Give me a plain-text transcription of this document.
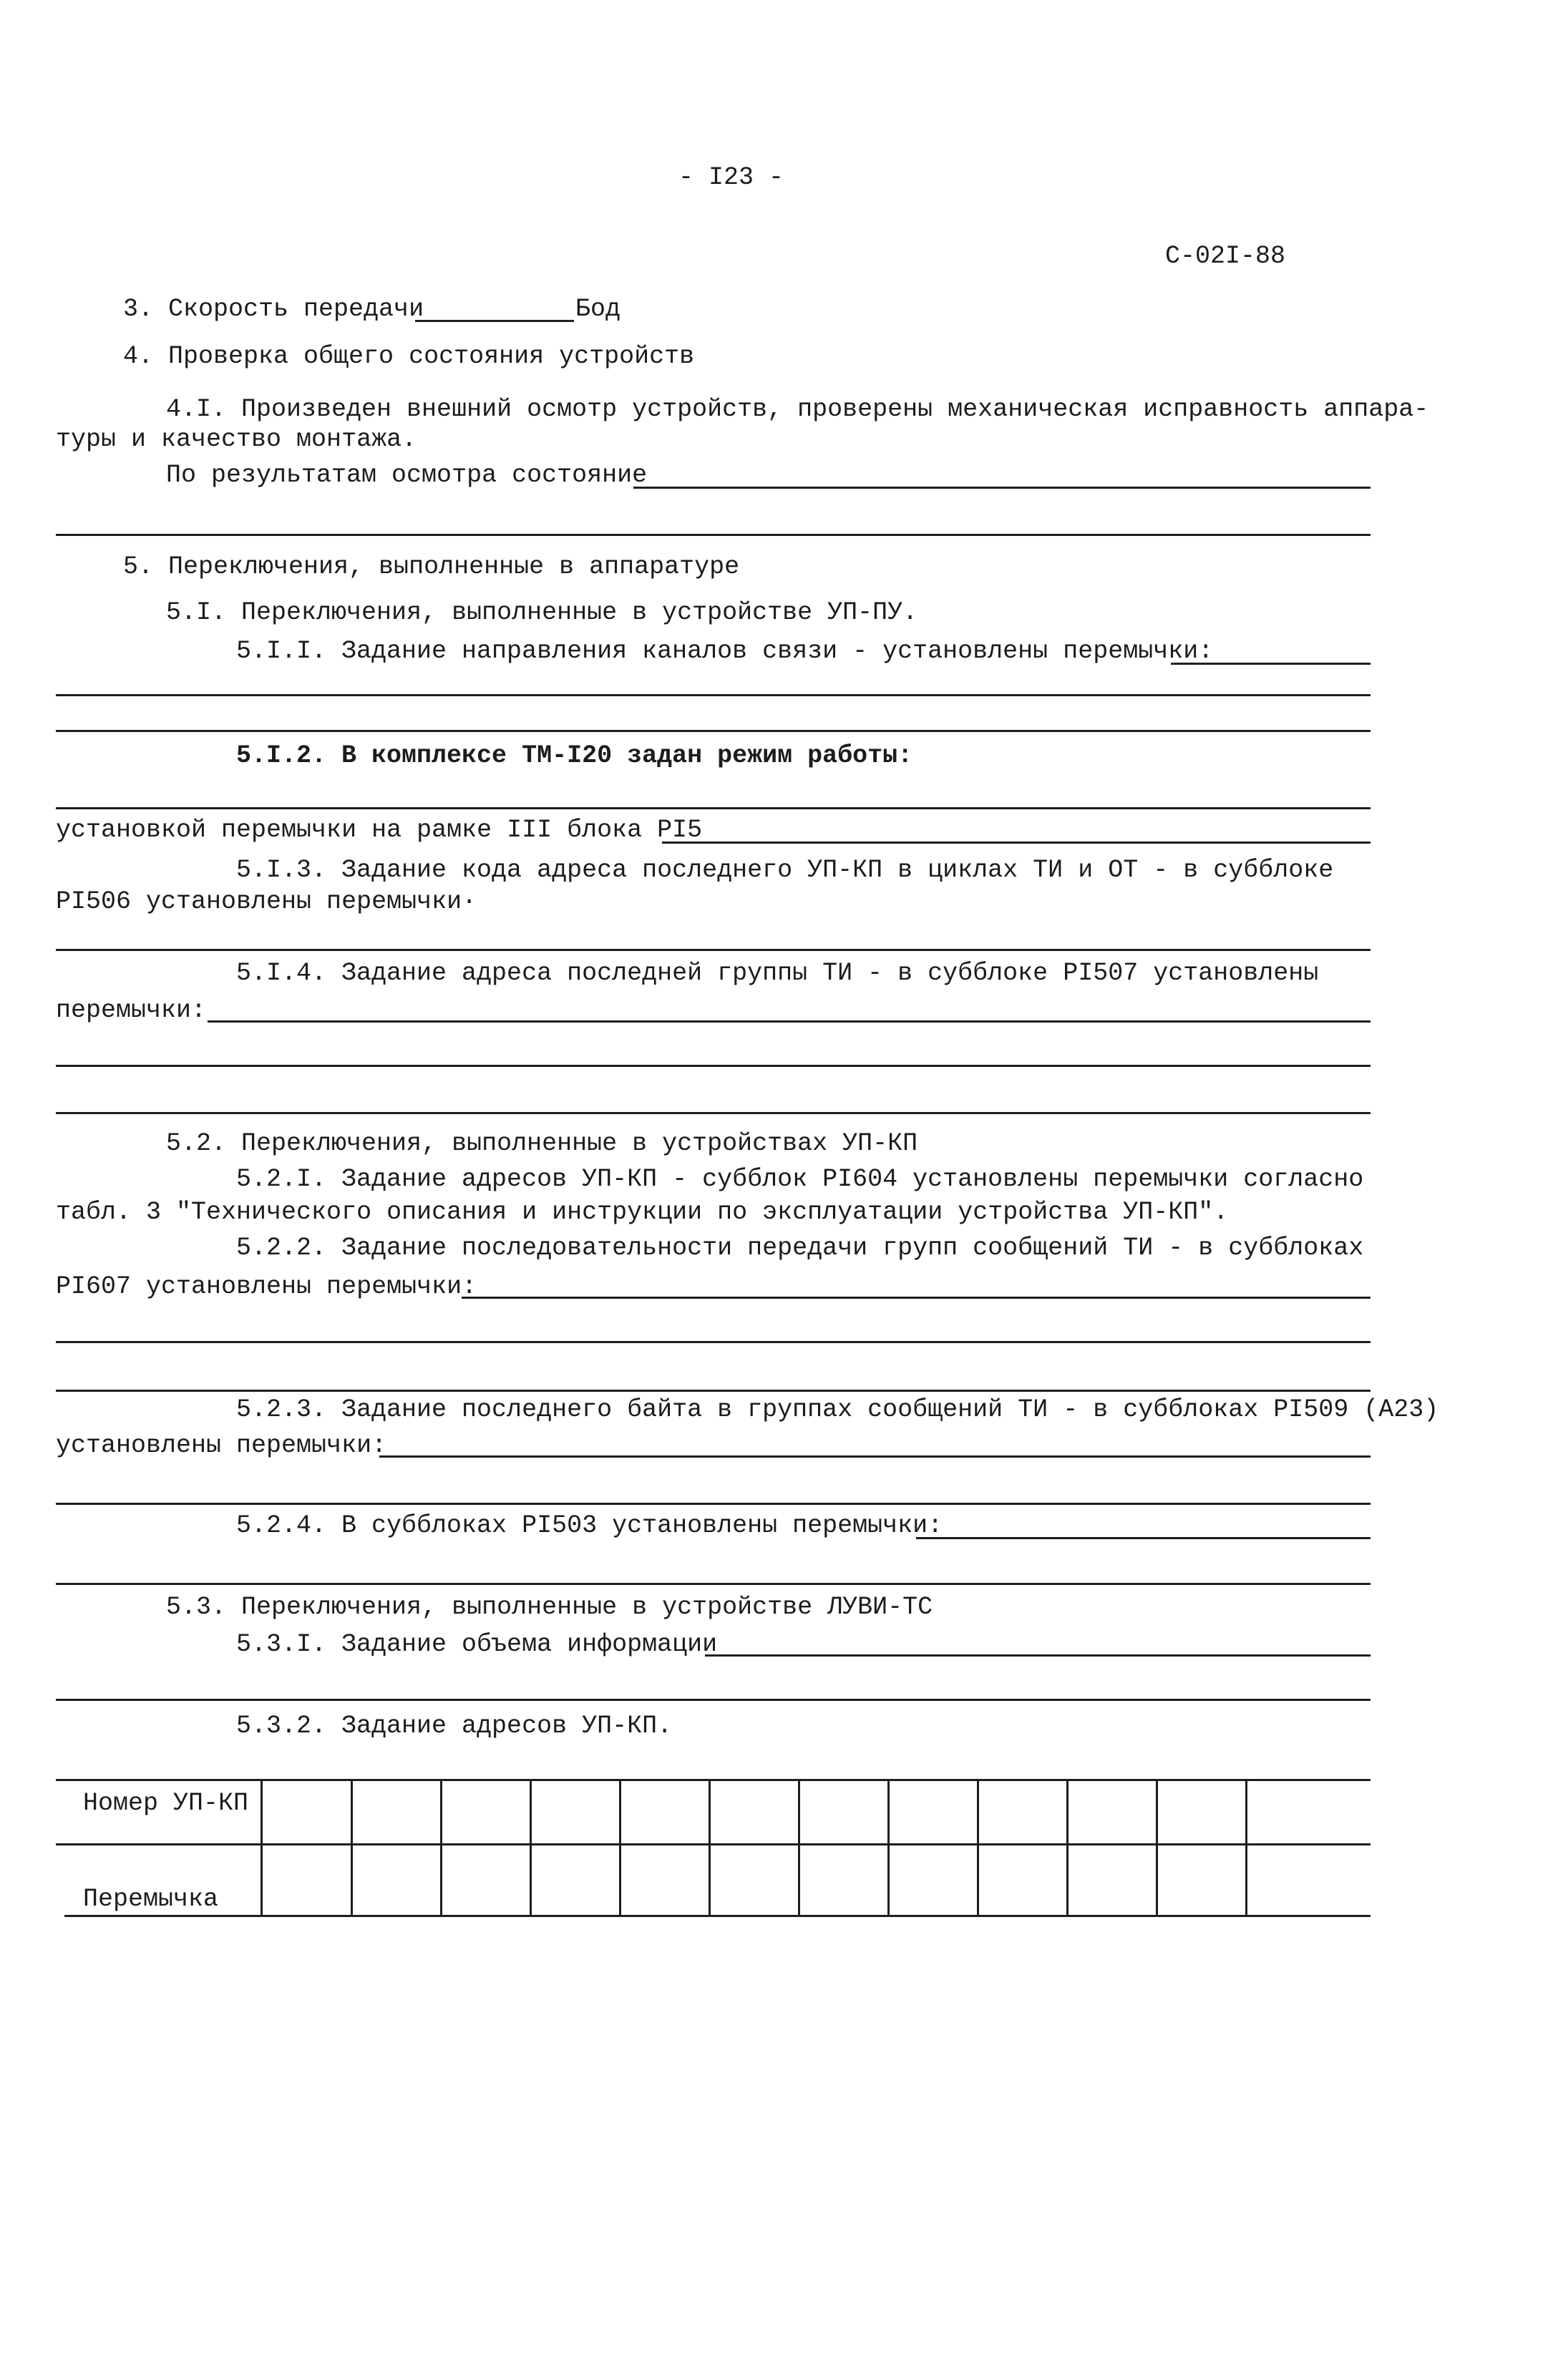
- I23 -
С-02I-88
3. Скорость передачи	Бод
4. Проверка общего состояния устройств
4.I. Произведен внешний осмотр устройств, проверены механическая исправность аппара-
туры и качество монтажа.
По результатам осмотра состояние
5. Переключения, выполненные в аппаратуре
5.I. Переключения, выполненные в устройстве УП-ПУ.
5.I.I. Задание направления каналов связи - установлены перемычки:
5.I.2. В комплексе ТМ-I20 задан режим работы:
установкой перемычки на рамке III блока PI5
5.I.3. Задание кода адреса последнего УП-КП в циклах ТИ и ОТ - в субблоке
PI506 установлены перемычки·
5.I.4. Задание адреса последней группы ТИ - в субблоке PI507 установлены
перемычки:
5.2. Переключения, выполненные в устройствах УП-КП
5.2.I. Задание адресов УП-КП - субблок PI604 установлены перемычки согласно
табл. 3 "Технического описания и инструкции по эксплуатации устройства УП-КП".
5.2.2. Задание последовательности передачи групп сообщений ТИ - в субблоках
PI607 установлены перемычки:
5.2.3. Задание последнего байта в группах сообщений ТИ - в субблоках PI509 (А23)
установлены перемычки:
5.2.4. В субблоках PI503 установлены перемычки:
5.3. Переключения, выполненные в устройстве ЛУВИ-ТС
5.3.I. Задание объема информации
5.3.2. Задание адресов УП-КП.
Номер УП-КП
Перемычка
